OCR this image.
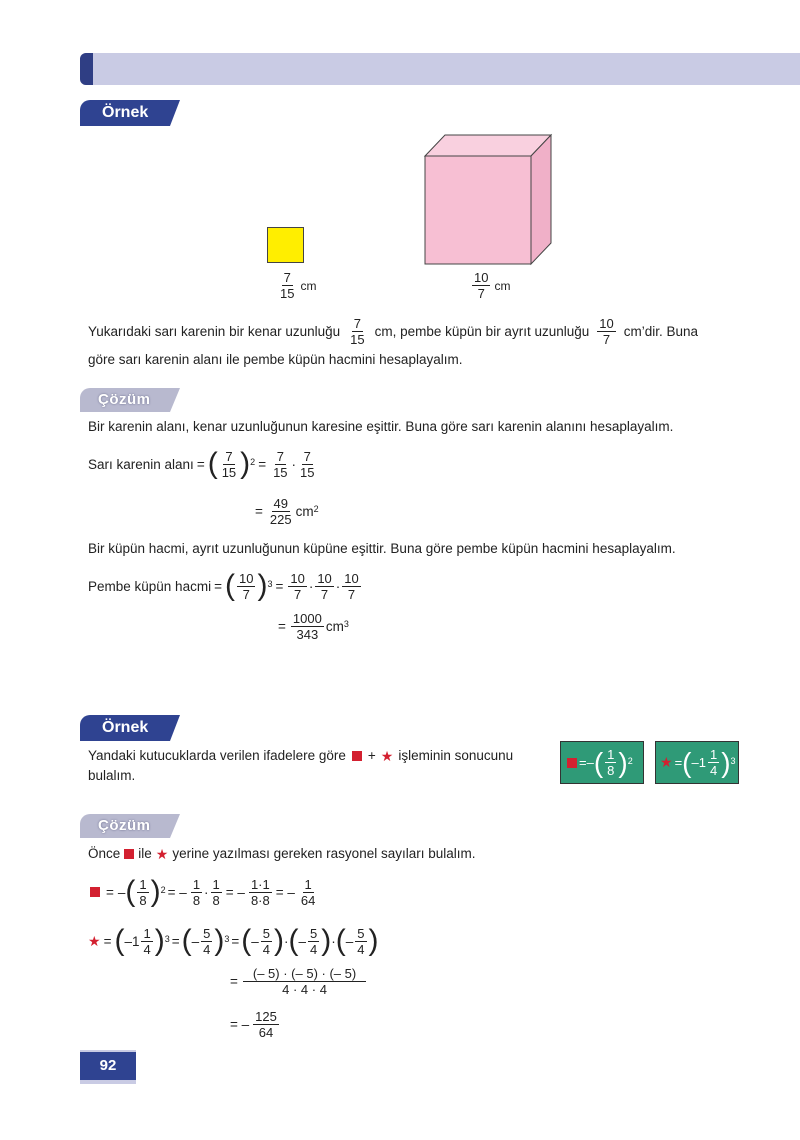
Örnek
$\frac{7}{15}$ cm	$\frac{10}{7}$ cm
Yukarıdaki sarı karenin bir kenar uzunluğu $\frac{7}{15}$ cm, pembe küpün bir ayrıt uzunluğu $\frac{10}{7}$ cm’dir. Buna
göre sarı karenin alanı ile pembe küpün hacmini hesaplayalım.
Çözüm
Bir karenin alanı, kenar uzunluğunun karesine eşittir. Buna göre sarı karenin alanını hesaplayalım.
Sarı karenin alanı = ( $\frac{7}{15}$ ) $2 = \frac{7}{15} \cdot \frac{7}{15}$
= $\frac{49}{225}$ cm 2
Bir küpün hacmi, ayrıt uzunluğunun küpüne eşittir. Buna göre pembe küpün hacmini hesaplayalım.
Pembe küpün hacmi = ( $\frac{10}{7}$ ) $3 = \frac{10}{7} \cdot \frac{10}{7} \cdot \frac{10}{7}$
= $\frac{1000}{343}$ cm 3
Örnek
Yandaki kutucuklarda verilen ifadelere göre + ★ işleminin sonucunu
bulalım.
= – ( $\frac{1}{8}$ ) 2 ★ = ( $-1 \frac{1}{4}$ ) 3
Çözüm
Önce ile ★ yerine yazılması gereken rasyonel sayıları bulalım.
= – ( $\frac{1}{8}$ ) 2 = – $\frac{1}{8} \cdot \frac{1}{8}$ = – $\frac{1\cdot 1}{8\cdot 8}$ = – $\frac{1}{64}$
★ = ( $-1 \frac{1}{4}$ ) 3 = ( – $\frac{5}{4}$ ) 3 = ( – $\frac{5}{4}$ ) · ( – $\frac{5}{4}$ ) · ( – $\frac{5}{4}$ )
= $\frac{(- 5) \cdot (- 5) \cdot (- 5)}{4 \cdot 4 \cdot 4}$
= – $\frac{125}{64}$
92
